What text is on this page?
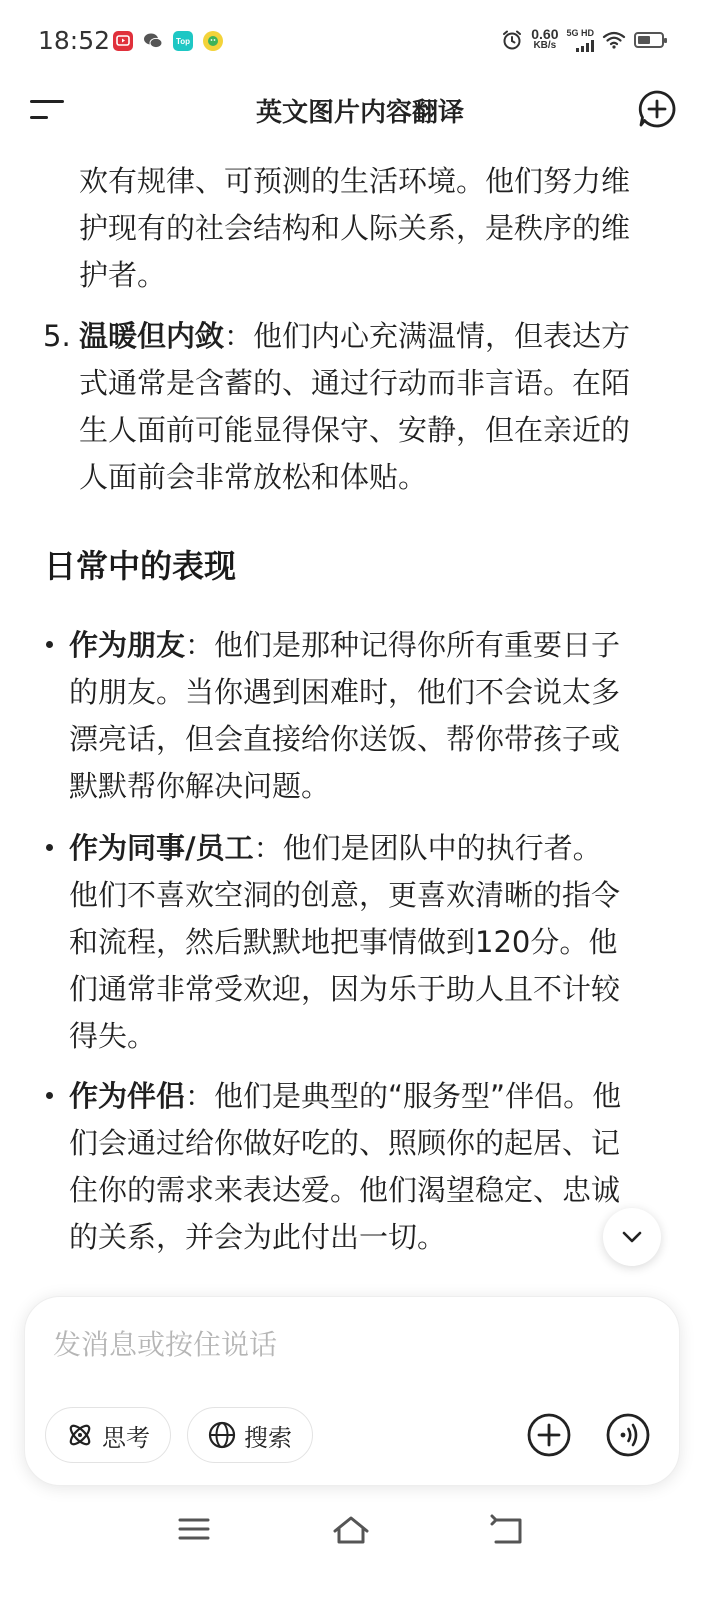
18:52	Top	0.60
KB/s
5G HD
英文图片内容翻译
欢有规律、可预测的生活环境。他们努力维
护现有的社会结构和人际关系，是秩序的维
护者。
5. 温暖但内敛：他们内心充满温情，但表达方
式通常是含蓄的、通过行动而非言语。在陌
生人面前可能显得保守、安静，但在亲近的
人面前会非常放松和体贴。
日常中的表现
作为朋友：他们是那种记得你所有重要日子
的朋友。当你遇到困难时，他们不会说太多
漂亮话，但会直接给你送饭、帮你带孩子或
默默帮你解决问题。
作为同事/员工：他们是团队中的执行者。
他们不喜欢空洞的创意，更喜欢清晰的指令
和流程，然后默默地把事情做到120分。他
们通常非常受欢迎，因为乐于助人且不计较
得失。
作为伴侣：他们是典型的“服务型”伴侣。他
们会通过给你做好吃的、照顾你的起居、记
住你的需求来表达爱。他们渴望稳定、忠诚
的关系，并会为此付出一切。
发消息或按住说话
思考	搜索
